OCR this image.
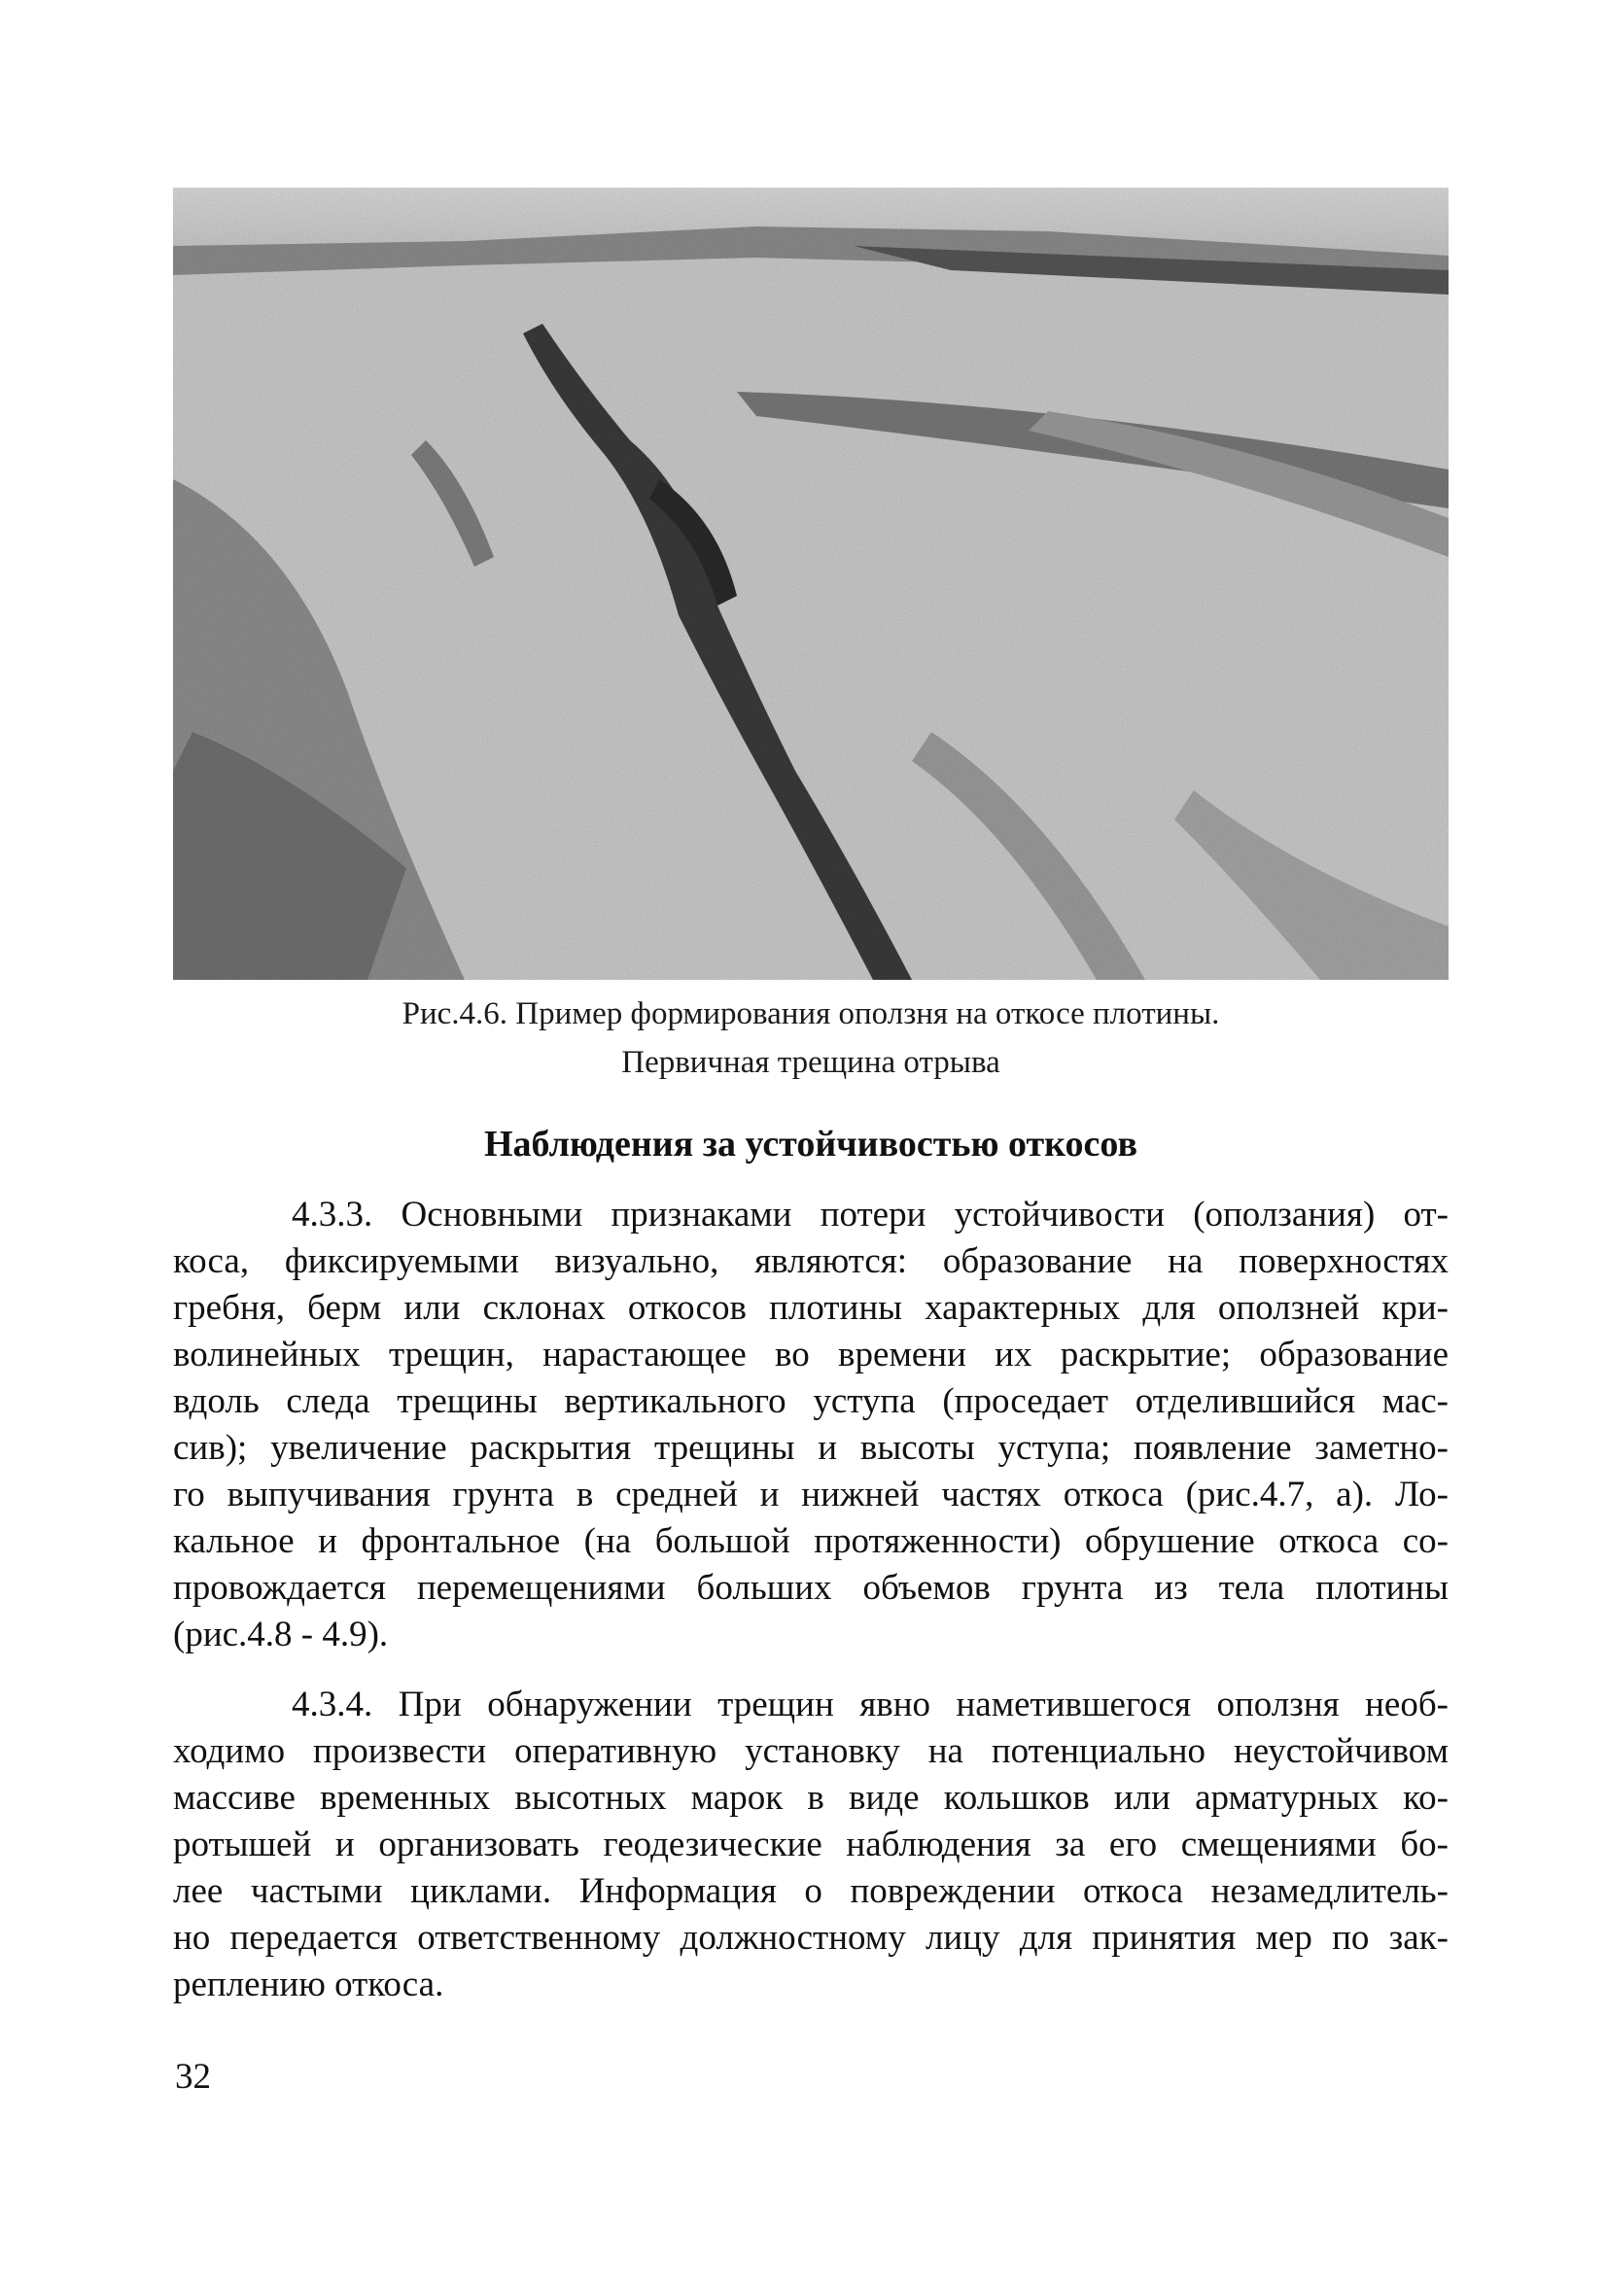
Рис.4.6. Пример формирования оползня на откосе плотины.
Первичная трещина отрыва
Наблюдения за устойчивостью откосов
4.3.3. Основными признаками потери устойчивости (оползания) от-
коса, фиксируемыми визуально, являются: образование на поверхностях
гребня, берм или склонах откосов плотины характерных для оползней кри-
волинейных трещин, нарастающее во времени их раскрытие; образование
вдоль следа трещины вертикального уступа (проседает отделившийся мас-
сив); увеличение раскрытия трещины и высоты уступа; появление заметно-
го выпучивания грунта в средней и нижней частях откоса (рис.4.7, а). Ло-
кальное и фронтальное (на большой протяженности) обрушение откоса со-
провождается перемещениями больших объемов грунта из тела плотины
(рис.4.8 - 4.9).
4.3.4. При обнаружении трещин явно наметившегося оползня необ-
ходимо произвести оперативную установку на потенциально неустойчивом
массиве временных высотных марок в виде кольшков или арматурных ко-
ротышей и организовать геодезические наблюдения за его смещениями бо-
лее частыми циклами. Информация о повреждении откоса незамедлитель-
но передается ответственному должностному лицу для принятия мер по зак-
реплению откоса.
32
